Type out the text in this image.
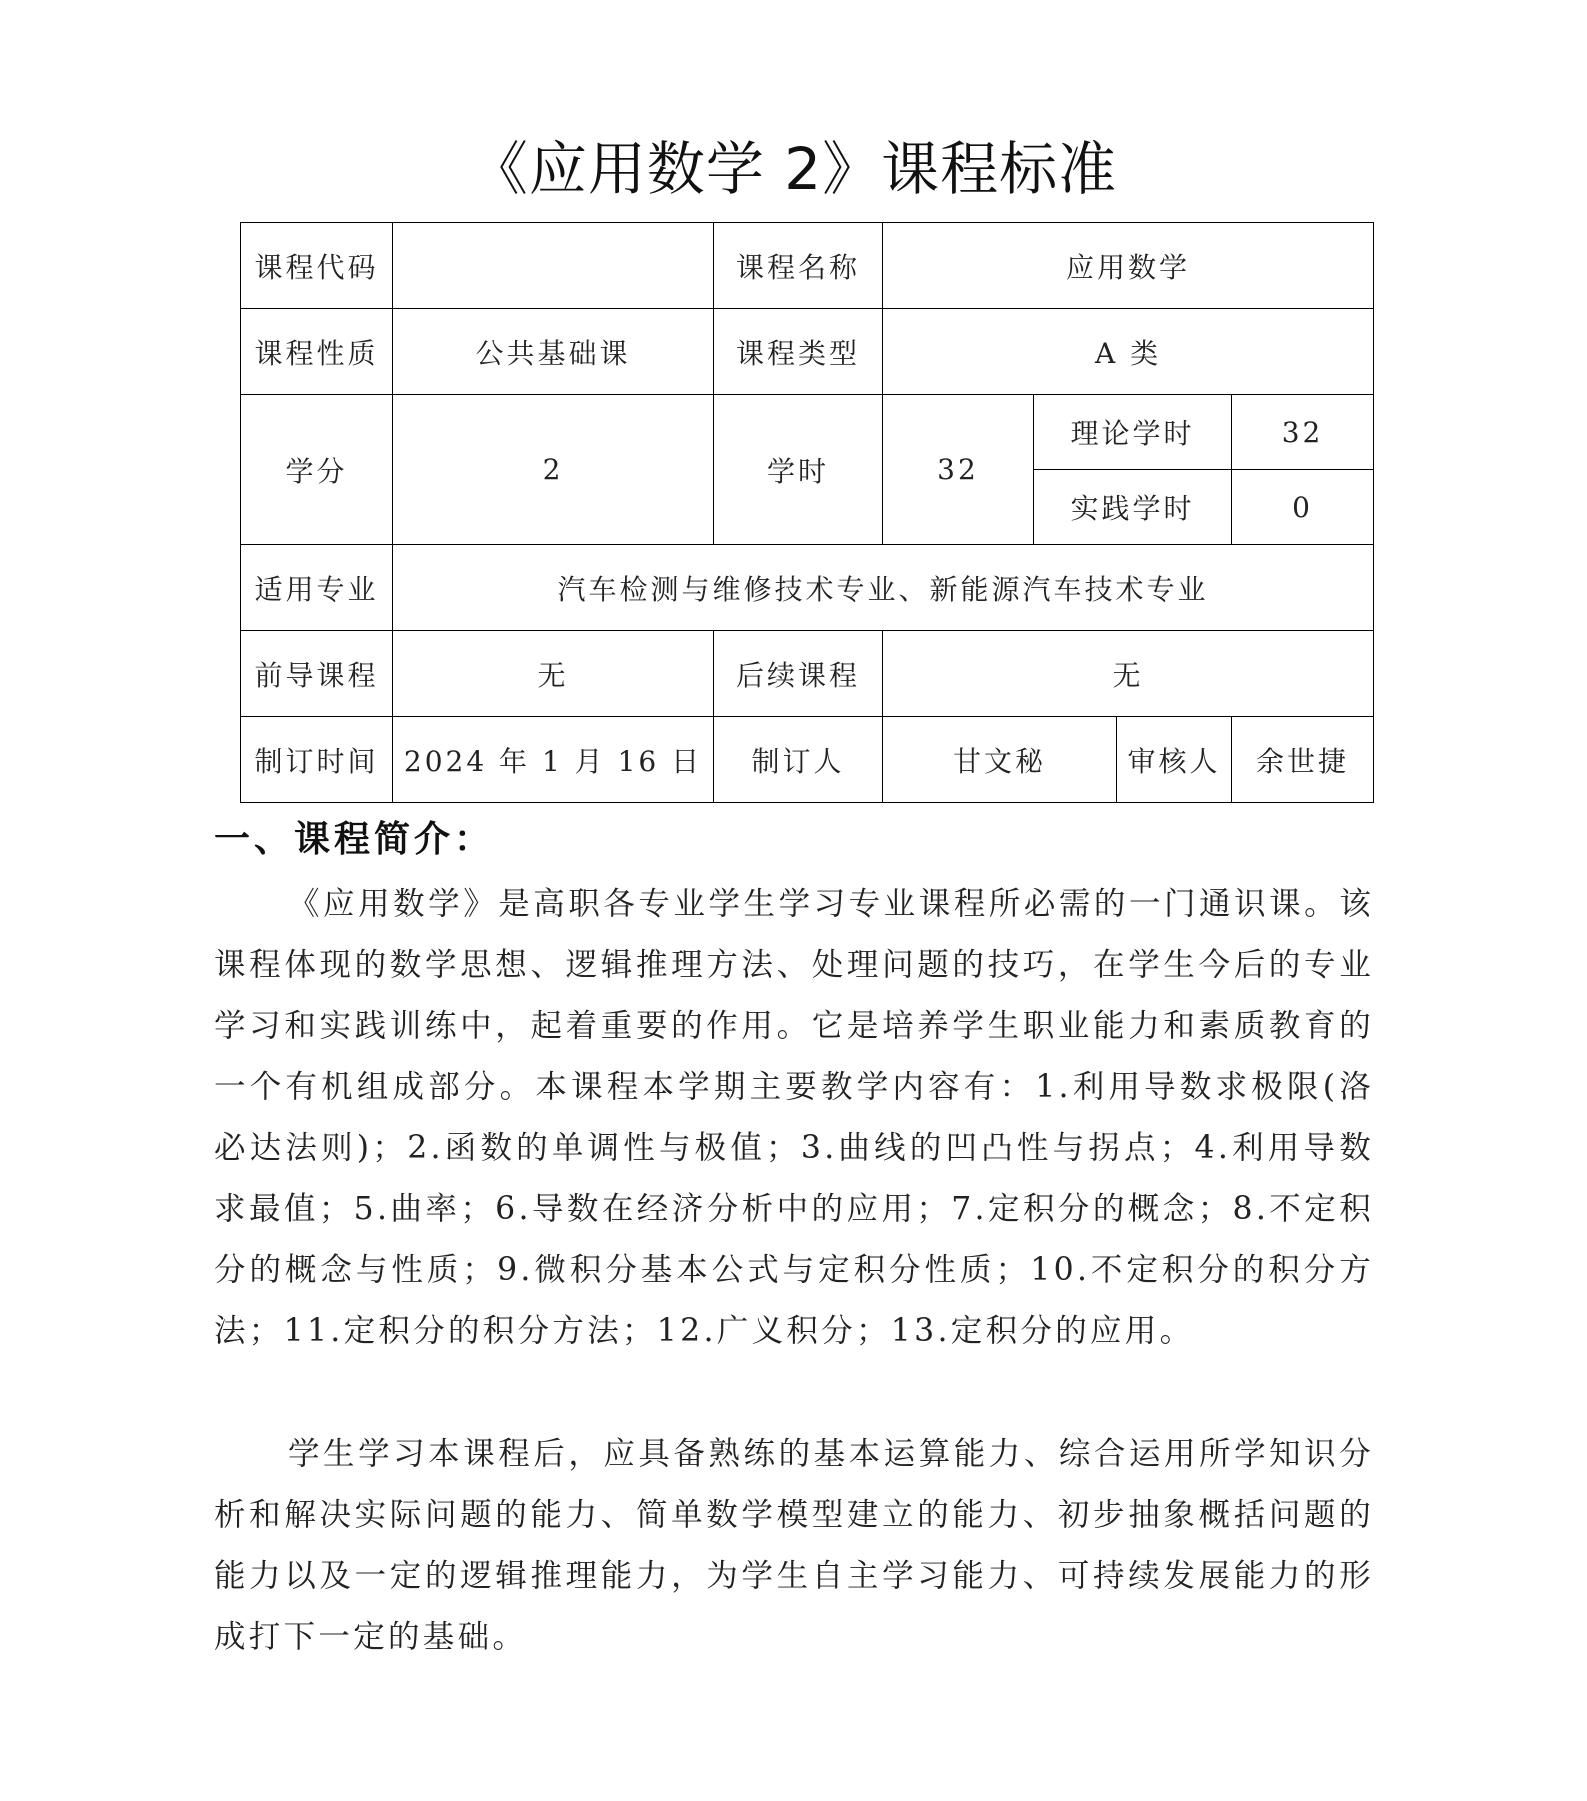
《应用数学 2》课程标准
课程代码		课程名称	应用数学			
课程性质	公共基础课	课程类型	A 类			
学分	2	学时	32	理论学时		32
				实践学时		0
适用专业	汽车检测与维修技术专业、新能源汽车技术专业					
前导课程	无	后续课程	无			
制订时间	2024 年 1 月 16 日	制订人	甘文秘		审核人	余世捷
一、课程简介：

《应用数学》是高职各专业学生学习专业课程所必需的一门通识课。该课程体现的数学思想、逻辑推理方法、处理问题的技巧，在学生今后的专业学习和实践训练中，起着重要的作用。它是培养学生职业能力和素质教育的一个有机组成部分。本课程本学期主要教学内容有：1.利用导数求极限(洛必达法则)；2.函数的单调性与极值；3.曲线的凹凸性与拐点；4.利用导数求最值；5.曲率；6.导数在经济分析中的应用；7.定积分的概念；8.不定积分的概念与性质；9.微积分基本公式与定积分性质；10.不定积分的积分方法；11.定积分的积分方法；12.广义积分；13.定积分的应用。

学生学习本课程后，应具备熟练的基本运算能力、综合运用所学知识分析和解决实际问题的能力、简单数学模型建立的能力、初步抽象概括问题的能力以及一定的逻辑推理能力，为学生自主学习能力、可持续发展能力的形成打下一定的基础。
